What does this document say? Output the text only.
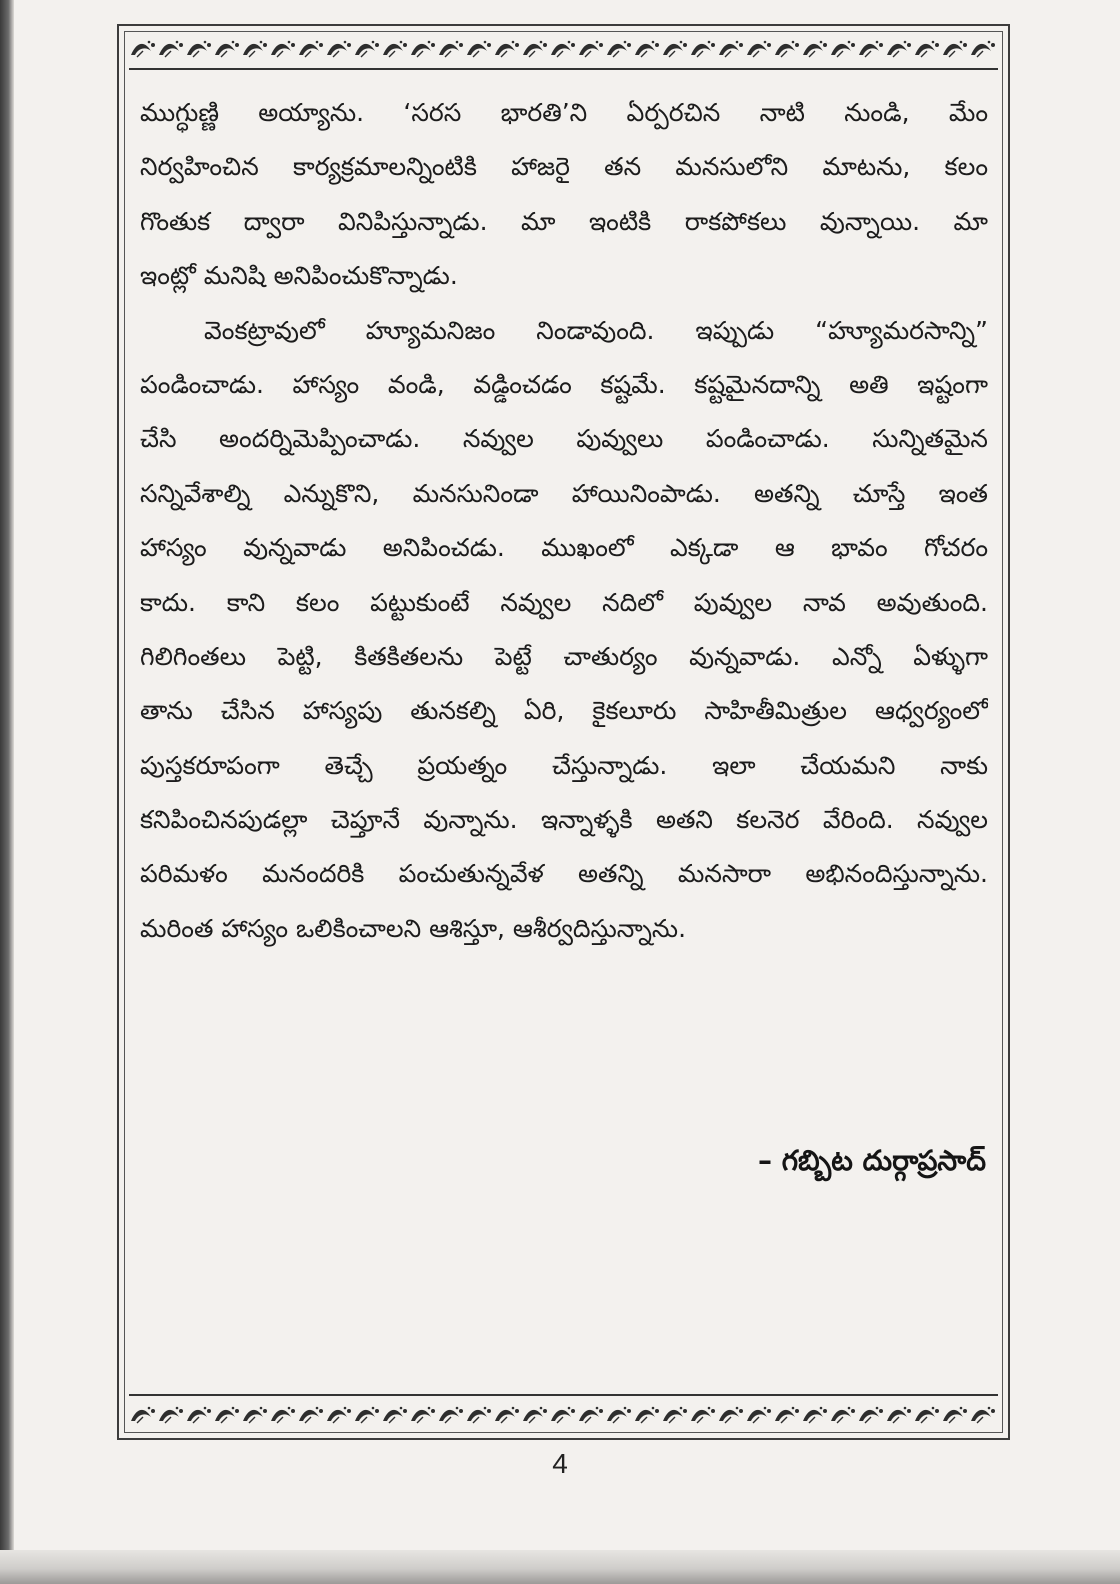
ముగ్ధుణ్ణి అయ్యాను. ‘సరస భారతి’ని ఏర్పరచిన నాటి నుండి, మేం
నిర్వహించిన కార్యక్రమాలన్నింటికి హాజరై తన మనసులోని మాటను, కలం
గొంతుక ద్వారా వినిపిస్తున్నాడు. మా ఇంటికి రాకపోకలు వున్నాయి. మా
ఇంట్లో మనిషి అనిపించుకొన్నాడు.
వెంకట్రావులో హ్యూమనిజం నిండావుంది. ఇప్పుడు “హ్యూమరసాన్ని”
పండించాడు. హాస్యం వండి, వడ్డించడం కష్టమే. కష్టమైనదాన్ని అతి ఇష్టంగా
చేసి అందర్నిమెప్పించాడు. నవ్వుల పువ్వులు పండించాడు. సున్నితమైన
సన్నివేశాల్ని ఎన్నుకొని, మనసునిండా హాయినింపాడు. అతన్ని చూస్తే ఇంత
హాస్యం వున్నవాడు అనిపించడు. ముఖంలో ఎక్కడా ఆ భావం గోచరం
కాదు. కాని కలం పట్టుకుంటే నవ్వుల నదిలో పువ్వుల నావ అవుతుంది.
గిలిగింతలు పెట్టి, కితకితలను పెట్టే చాతుర్యం వున్నవాడు. ఎన్నో ఏళ్ళుగా
తాను చేసిన హాస్యపు తునకల్ని ఏరి, కైకలూరు సాహితీమిత్రుల ఆధ్వర్యంలో
పుస్తకరూపంగా తెచ్చే ప్రయత్నం చేస్తున్నాడు. ఇలా చేయమని నాకు
కనిపించినపుడల్లా చెప్తూనే వున్నాను. ఇన్నాళ్ళకి అతని కలనెర వేరింది. నవ్వుల
పరిమళం మనందరికి పంచుతున్నవేళ అతన్ని మనసారా అభినందిస్తున్నాను.
మరింత హాస్యం ఒలికించాలని ఆశిస్తూ, ఆశీర్వదిస్తున్నాను.
– గబ్బిట దుర్గాప్రసాద్
4
